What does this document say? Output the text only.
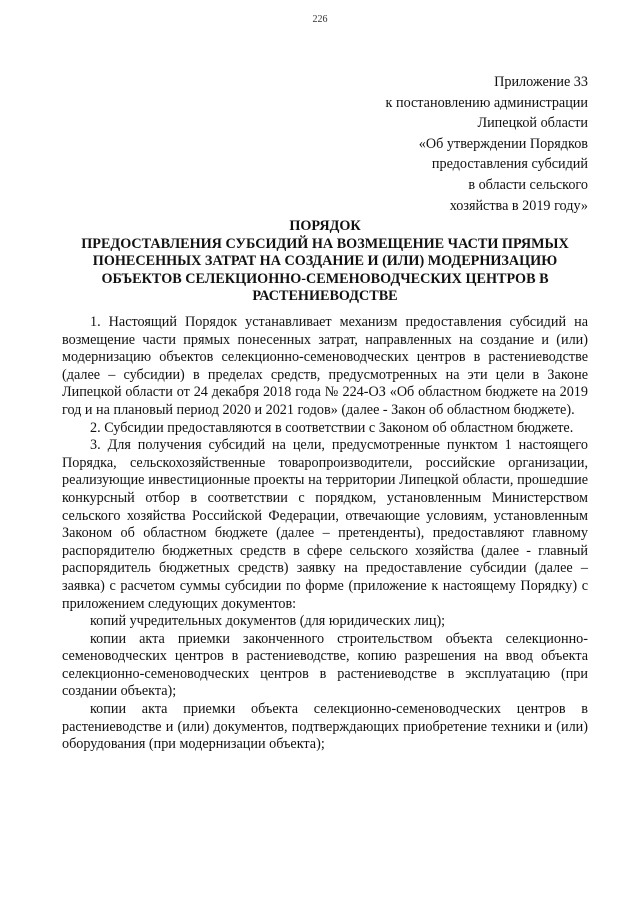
226
Приложение 33
к постановлению администрации
Липецкой области
«Об утверждении Порядков
предоставления субсидий
в области сельского
хозяйства в 2019 году»
ПОРЯДОК
ПРЕДОСТАВЛЕНИЯ СУБСИДИЙ НА ВОЗМЕЩЕНИЕ ЧАСТИ ПРЯМЫХ
ПОНЕСЕННЫХ ЗАТРАТ НА СОЗДАНИЕ И (ИЛИ) МОДЕРНИЗАЦИЮ
ОБЪЕКТОВ СЕЛЕКЦИОННО-СЕМЕНОВОДЧЕСКИХ ЦЕНТРОВ В
РАСТЕНИЕВОДСТВЕ

1. Настоящий Порядок устанавливает механизм предоставления субсидий на возмещение части прямых понесенных затрат, направленных на создание и (или) модернизацию объектов селекционно-семеноводческих центров в растениеводстве (далее – субсидии) в пределах средств, предусмотренных на эти цели в Законе Липецкой области от 24 декабря 2018 года № 224-ОЗ «Об областном бюджете на 2019 год и на плановый период 2020 и 2021 годов» (далее - Закон об областном бюджете).

2. Субсидии предоставляются в соответствии с Законом об областном бюджете.

3. Для получения субсидий на цели, предусмотренные пунктом 1 настоящего Порядка, сельскохозяйственные товаропроизводители, российские организации, реализующие инвестиционные проекты на территории Липецкой области, прошедшие конкурсный отбор в соответствии с порядком, установленным Министерством сельского хозяйства Российской Федерации, отвечающие условиям, установленным Законом об областном бюджете (далее – претенденты), предоставляют главному распорядителю бюджетных средств в сфере сельского хозяйства (далее - главный распорядитель бюджетных средств) заявку на предоставление субсидии (далее – заявка) с расчетом суммы субсидии по форме (приложение к настоящему Порядку) с приложением следующих документов:

копий учредительных документов (для юридических лиц);

копии акта приемки законченного строительством объекта селекционно-семеноводческих центров в растениеводстве, копию разрешения на ввод объекта селекционно-семеноводческих центров в растениеводстве в эксплуатацию (при создании объекта);

копии акта приемки объекта селекционно-семеноводческих центров в растениеводстве и (или) документов, подтверждающих приобретение техники и (или) оборудования (при модернизации объекта);
